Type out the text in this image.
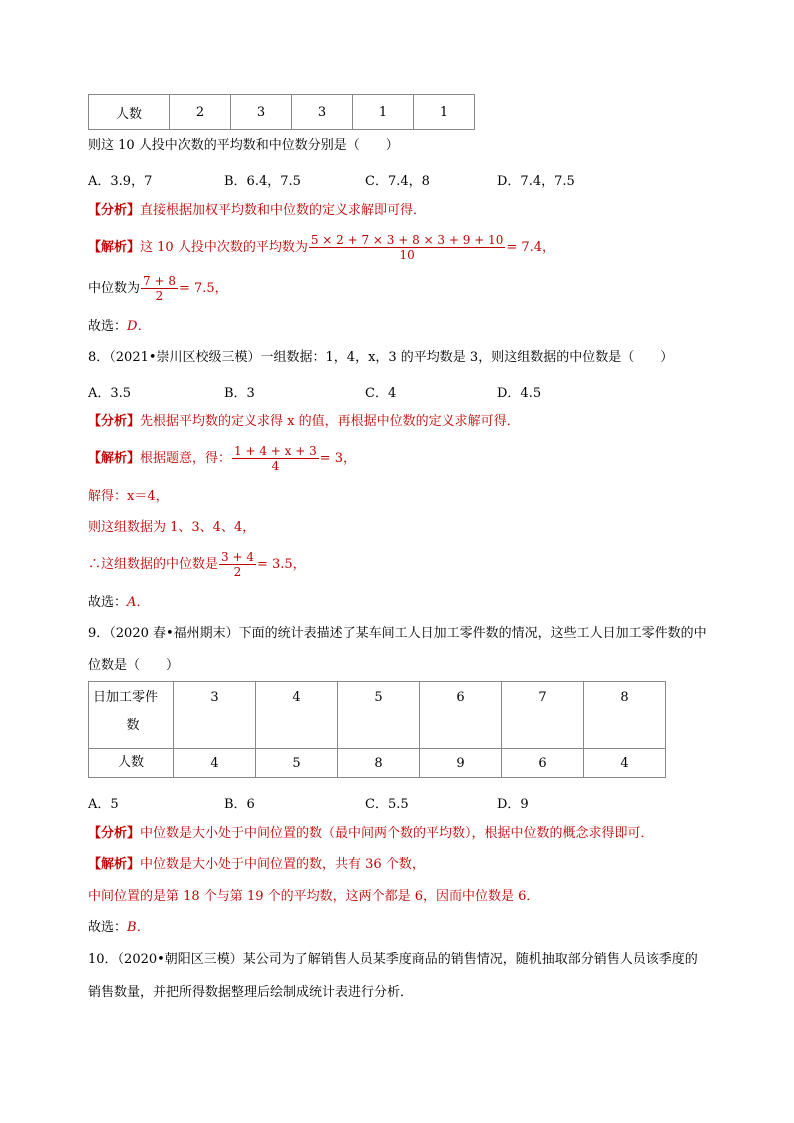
人数	2	3	3	1	1
则这 10 人投中次数的平均数和中位数分别是（　　）
A．3.9，7	B．6.4，7.5	C．7.4，8	D．7.4，7.5
【分析】直接根据加权平均数和中位数的定义求解即可得．
【解析】这 10 人投中次数的平均数为 $\frac{5 \times 2 + 7 \times 3 + 8 \times 3 + 9 + 10}{10} = 7.4$，
中位数为 $\frac{7 + 8}{2} = 7.5$，
故选：D．
8．（2021•崇川区校级三模）一组数据：1，4，x，3 的平均数是 3，则这组数据的中位数是（　　）
A．3.5	B．3	C．4	D．4.5
【分析】先根据平均数的定义求得 x 的值，再根据中位数的定义求解可得．
【解析】根据题意，得： $\frac{1 + 4 + x + 3}{4} = 3$，
解得：x＝4，
则这组数据为 1、3、4、4，
∴这组数据的中位数是 $\frac{3 + 4}{2} = 3.5$，
故选：A．
9．（2020 春•福州期末）下面的统计表描述了某车间工人日加工零件数的情况，这些工人日加工零件数的中
位数是（　　）
日加工零件
数	3	4	5	6	7	8
人数	4	5	8	9	6	4
A．5	B．6	C．5.5	D．9
【分析】中位数是大小处于中间位置的数（最中间两个数的平均数），根据中位数的概念求得即可．
【解析】中位数是大小处于中间位置的数，共有 36 个数，
中间位置的是第 18 个与第 19 个的平均数，这两个都是 6，因而中位数是 6．
故选：B．
10．（2020•朝阳区三模）某公司为了解销售人员某季度商品的销售情况，随机抽取部分销售人员该季度的
销售数量，并把所得数据整理后绘制成统计表进行分析．
